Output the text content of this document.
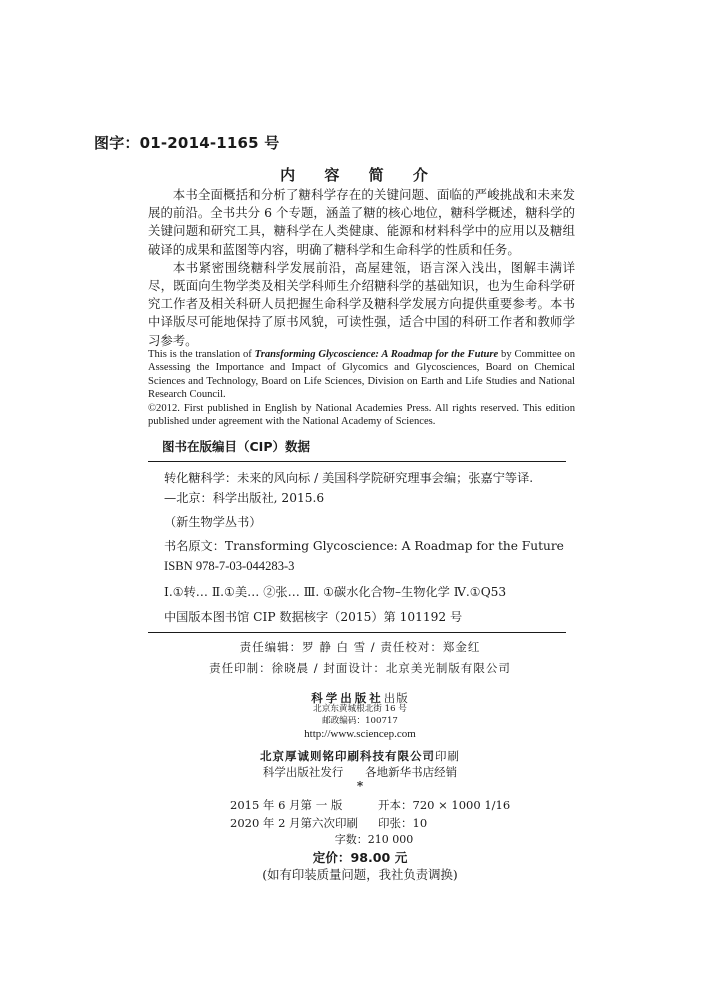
图字：01-2014-1165 号
内 容 简 介

本书全面概括和分析了糖科学存在的关键问题、面临的严峻挑战和未来发展的前沿。全书共分 6 个专题，涵盖了糖的核心地位，糖科学概述，糖科学的关键问题和研究工具，糖科学在人类健康、能源和材料科学中的应用以及糖组破译的成果和蓝图等内容，明确了糖科学和生命科学的性质和任务。

本书紧密围绕糖科学发展前沿，高屋建瓴，语言深入浅出，图解丰满详尽，既面向生物学类及相关学科师生介绍糖科学的基础知识，也为生命科学研究工作者及相关科研人员把握生命科学及糖科学发展方向提供重要参考。本书中译版尽可能地保持了原书风貌，可读性强，适合中国的科研工作者和教师学习参考。

This is the translation of Transforming Glycoscience: A Roadmap for the Future by Committee on Assessing the Importance and Impact of Glycomics and Glycosciences, Board on Chemical Sciences and Technology, Board on Life Sciences, Division on Earth and Life Studies and National Research Council.

©2012. First published in English by National Academies Press. All rights reserved. This edition published under agreement with the National Academy of Sciences.

图书在版编目（CIP）数据
转化糖科学：未来的风向标 / 美国科学院研究理事会编；张嘉宁等译.
—北京：科学出版社, 2015.6
（新生物学丛书）
书名原文：Transforming Glycoscience: A Roadmap for the Future
ISBN 978-7-03-044283-3
Ⅰ.①转… Ⅱ.①美… ②张… Ⅲ. ①碳水化合物–生物化学 Ⅳ.①Q53
中国版本图书馆 CIP 数据核字（2015）第 101192 号
责任编辑：罗 静 白 雪 / 责任校对：郑金红
责任印制：徐晓晨 / 封面设计：北京美光制版有限公司
科学出版社出版
北京东黄城根北街 16 号
邮政编码：100717
http://www.sciencep.com
北京厚诚则铭印刷科技有限公司印刷
科学出版社发行 各地新华书店经销
*
2015 年 6 月第 一 版	开本：720 × 1000 1/16
2020 年 2 月第六次印刷 印张：10
字数：210 000
定价：98.00 元
(如有印装质量问题，我社负责调换)
